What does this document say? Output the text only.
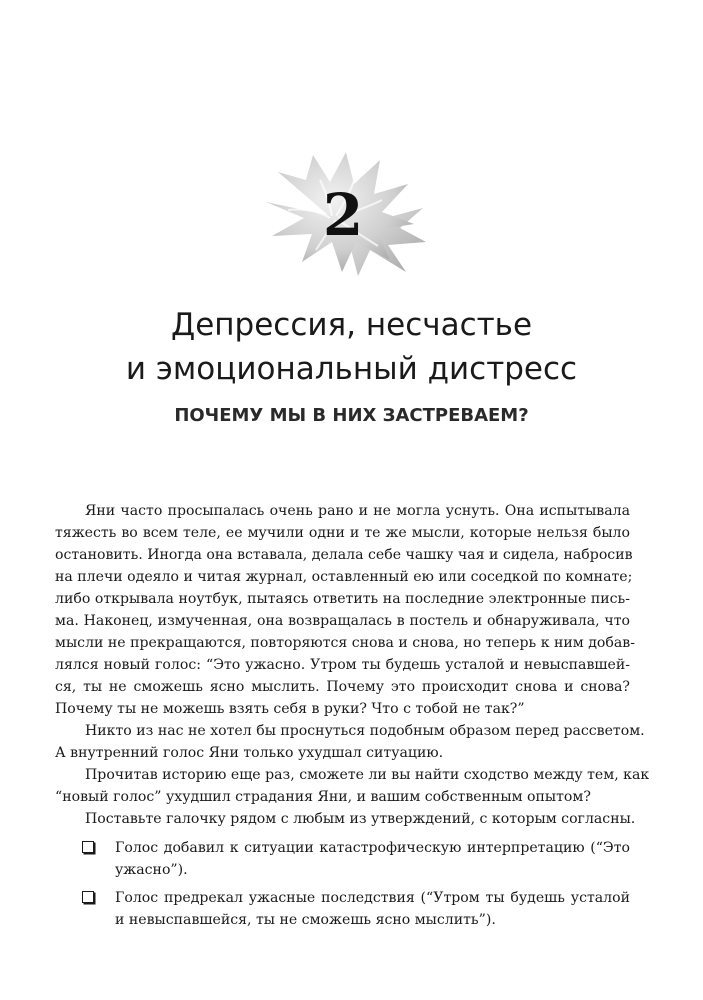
2
Депрессия, несчастье
и эмоциональный дистресс
ПОЧЕМУ МЫ В НИХ ЗАСТРЕВАЕМ?
Яни часто просыпалась очень рано и не могла уснуть. Она испытывала
тяжесть во всем теле, ее мучили одни и те же мысли, которые нельзя было
остановить. Иногда она вставала, делала себе чашку чая и сидела, набросив
на плечи одеяло и читая журнал, оставленный ею или соседкой по комнате;
либо открывала ноутбук, пытаясь ответить на последние электронные пись-
ма. Наконец, измученная, она возвращалась в постель и обнаруживала, что
мысли не прекращаются, повторяются снова и снова, но теперь к ним добав-
лялся новый голос: “Это ужасно. Утром ты будешь усталой и невыспавшей-
ся, ты не сможешь ясно мыслить. Почему это происходит снова и снова?
Почему ты не можешь взять себя в руки? Что с тобой не так?”
Никто из нас не хотел бы проснуться подобным образом перед рассветом.
А внутренний голос Яни только ухудшал ситуацию.
Прочитав историю еще раз, сможете ли вы найти сходство между тем, как
“новый голос” ухудшил страдания Яни, и вашим собственным опытом?
Поставьте галочку рядом с любым из утверждений, с которым согласны.
Голос добавил к ситуации катастрофическую интерпретацию (“Это
ужасно”).
Голос предрекал ужасные последствия (“Утром ты будешь усталой
и невыспавшейся, ты не сможешь ясно мыслить”).
